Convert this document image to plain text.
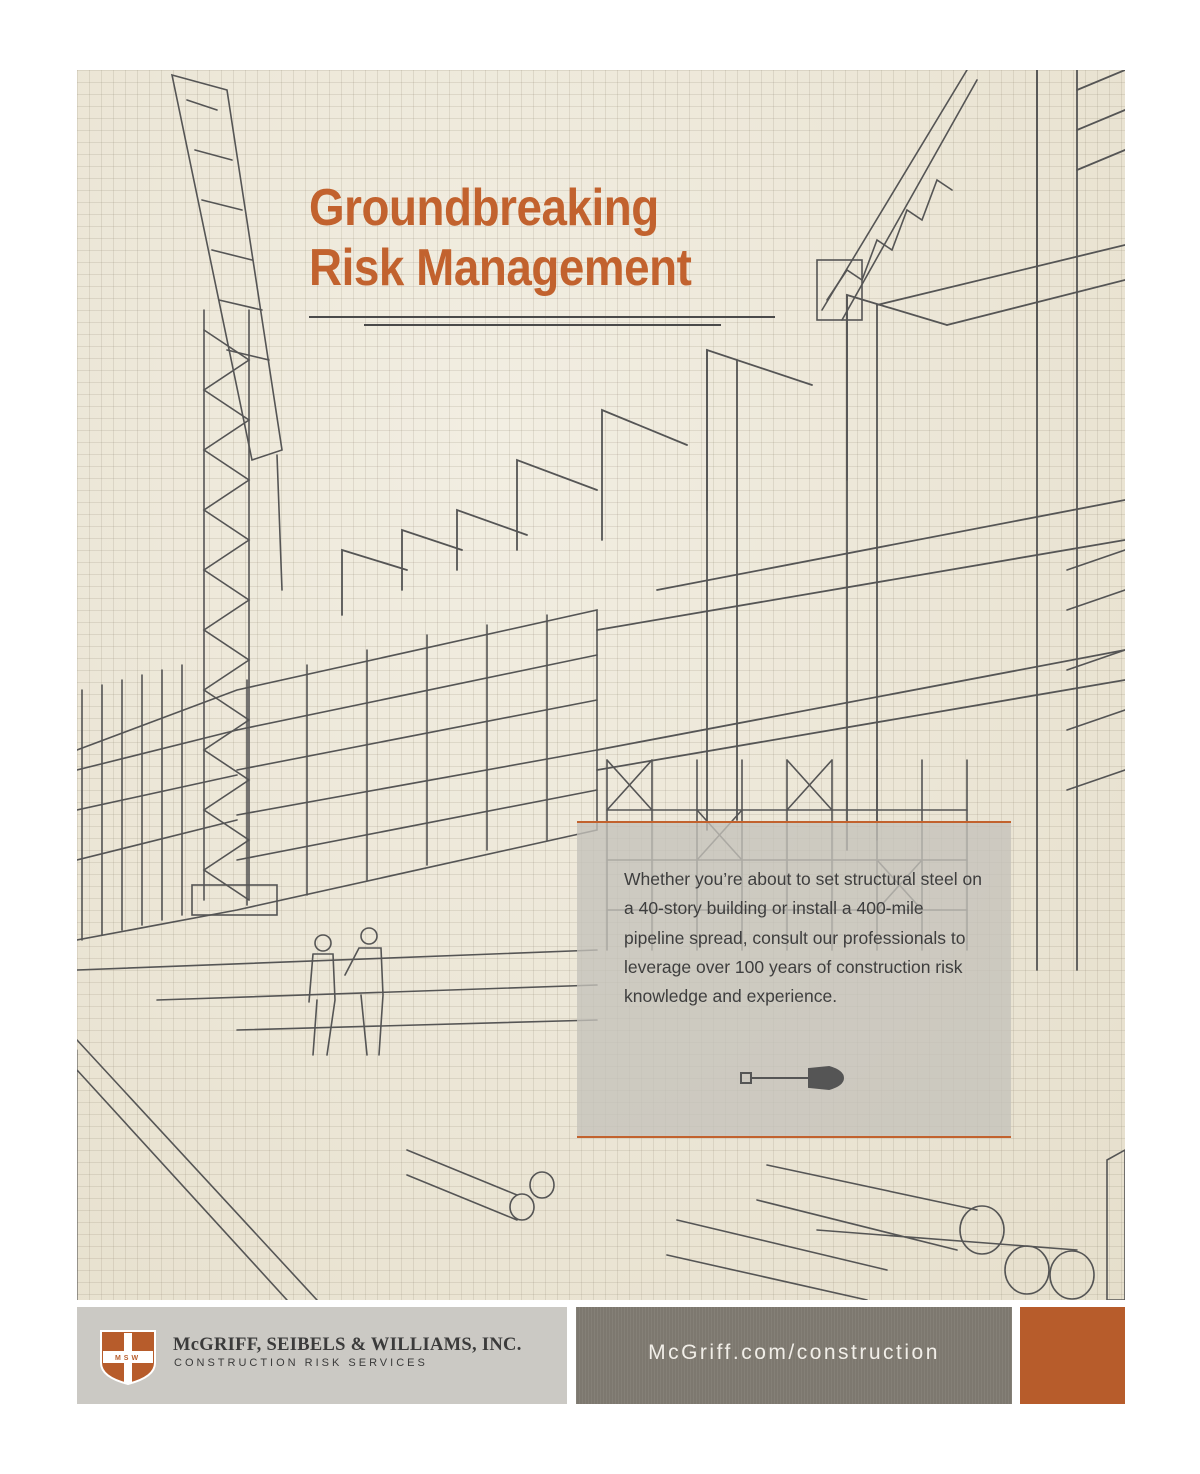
Groundbreaking
Risk Management

Whether you’re about to set structural steel on a 40-story building or install a 400-mile pipeline spread, consult our professionals to leverage over 100 years of construction risk knowledge and experience.

MSW

McGRIFF, SEIBELS & WILLIAMS, INC.

CONSTRUCTION RISK SERVICES	McGriff.com/construction
